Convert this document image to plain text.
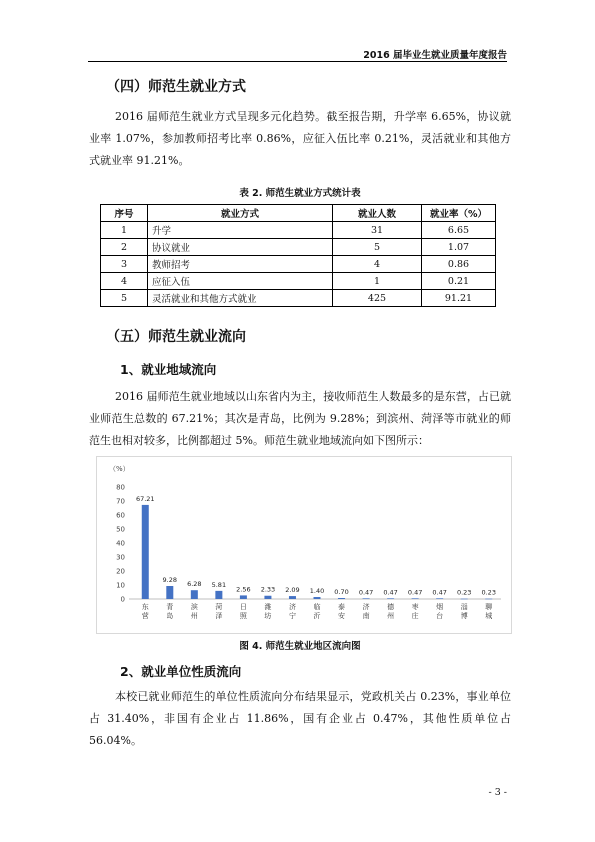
2016 届毕业生就业质量年度报告
（四）师范生就业方式
2016 届师范生就业方式呈现多元化趋势。截至报告期，升学率 6.65%，协议就业率 1.07%，参加教师招考比率 0.86%，应征入伍比率 0.21%，灵活就业和其他方式就业率 91.21%。
表 2. 师范生就业方式统计表
序号	就业方式	就业人数	就业率（%）
1	升学	31	6.65
2	协议就业	5	1.07
3	教师招考	4	0.86
4	应征入伍	1	0.21
5	灵活就业和其他方式就业	425	91.21
（五）师范生就业流向
1、就业地域流向
2016 届师范生就业地域以山东省内为主，接收师范生人数最多的是东营，占已就业师范生总数的 67.21%；其次是青岛，比例为 9.28%；到滨州、菏泽等市就业的师范生也相对较多，比例都超过 5%。师范生就业地域流向如下图所示：
（%）
0
10
20
30
40
50
60
70
80
67.21
东营
9.28
青岛
6.28
滨州
5.81
菏泽
2.56
日照
2.33
潍坊
2.09
济宁
1.40
临沂
0.70
泰安
0.47
济南
0.47
德州
0.47
枣庄
0.47
烟台
0.23
淄博
0.23
聊城
图 4. 师范生就业地区流向图
2、就业单位性质流向
本校已就业师范生的单位性质流向分布结果显示，党政机关占 0.23%，事业单位占 31.40%，非国有企业占 11.86%，国有企业占 0.47%，其他性质单位占 56.04%。
- 3 -
